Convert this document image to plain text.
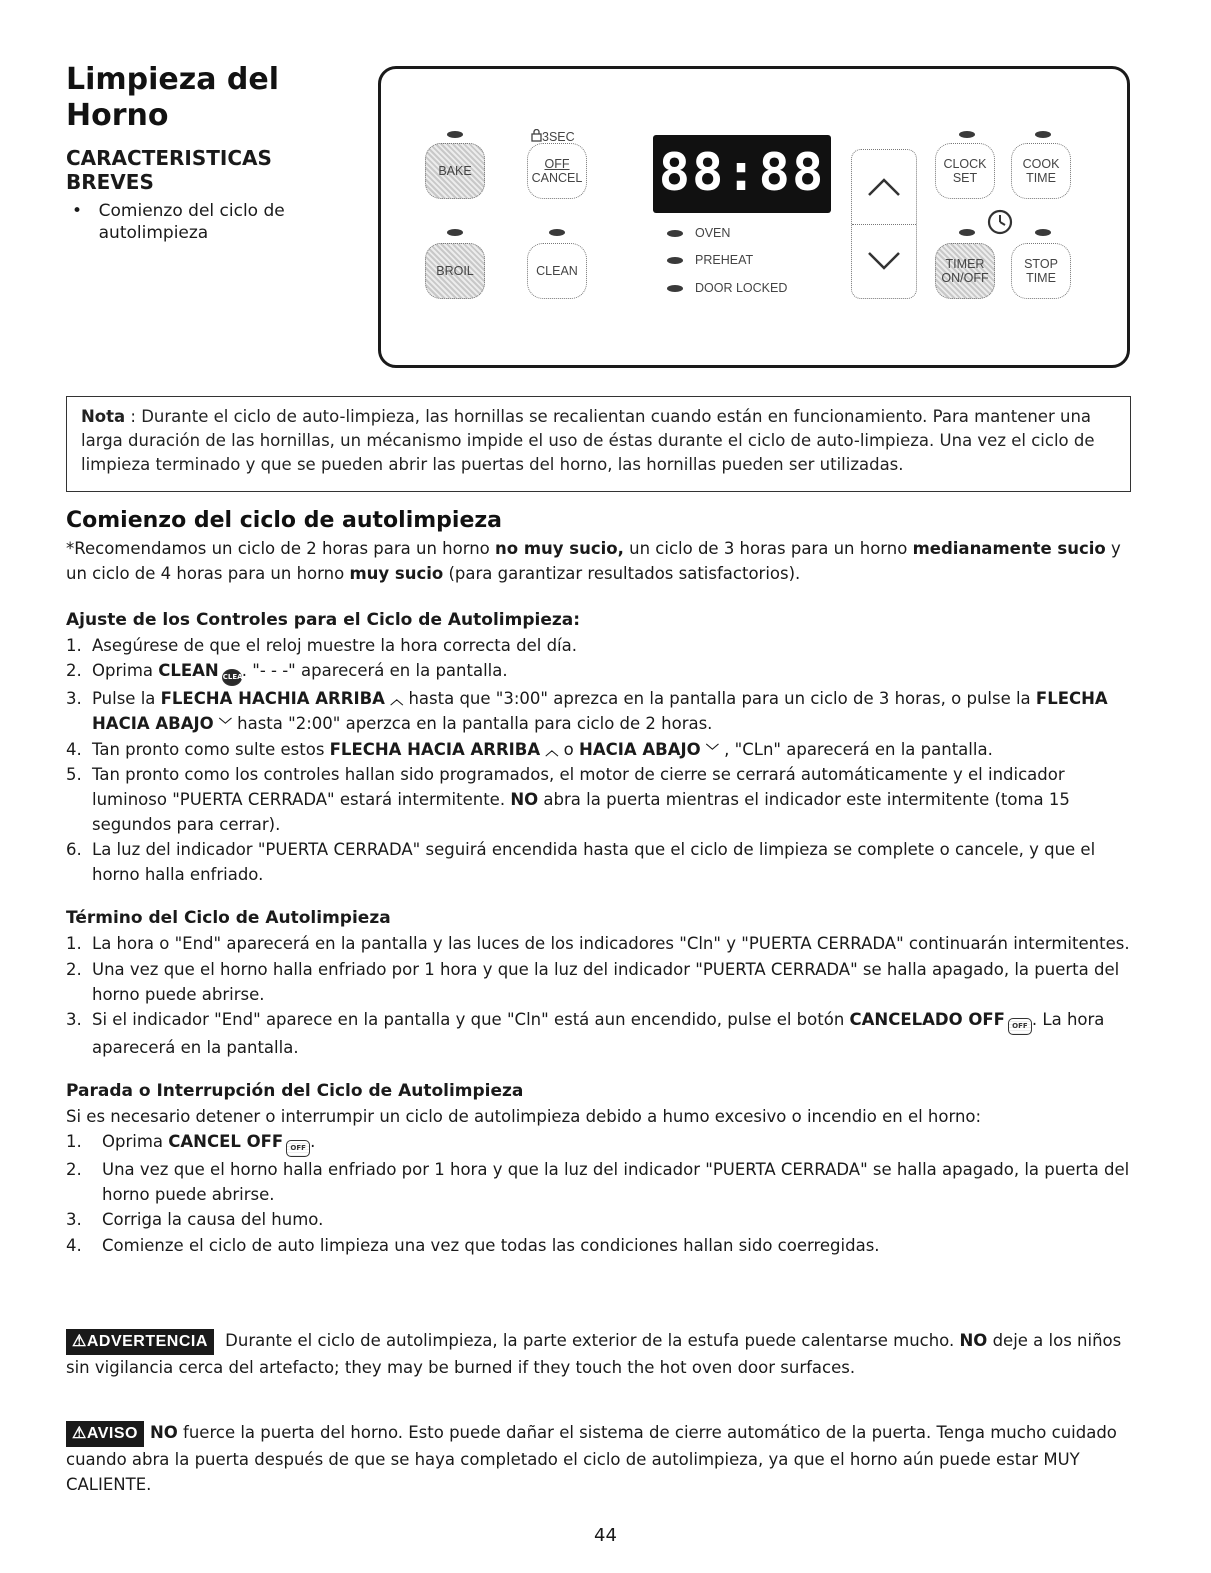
Limpieza del
Horno
CARACTERISTICAS
BREVES
• Comienzo del ciclo de autolimpieza
3SEC
BAKE
OFF
CANCEL
BROIL	CLEAN
88:88
OVEN
PREHEAT
DOOR LOCKED
CLOCK
SET
COOK
TIME
TIMER
ON/OFF
STOP
TIME
Nota : Durante el ciclo de auto-limpieza, las hornillas se recalientan cuando están en funcionamiento. Para mantener una larga duración de las hornillas, un mécanismo impide el uso de éstas durante el ciclo de auto-limpieza. Una vez el ciclo de limpieza terminado y que se pueden abrir las puertas del horno, las hornillas pueden ser utilizadas.
Comienzo del ciclo de autolimpieza

*Recomendamos un ciclo de 2 horas para un horno no muy sucio, un ciclo de 3 horas para un horno medianamente sucio y un ciclo de 4 horas para un horno muy sucio (para garantizar resultados satisfactorios).

Ajuste de los Controles para el Ciclo de Autolimpieza:
1. Asegúrese de que el reloj muestre la hora correcta del día.
2. Oprima CLEAN CLEAN. "- - -" aparecerá en la pantalla.
3. Pulse la FLECHA HACHIA ARRIBA ︿ hasta que "3:00" aprezca en la pantalla para un ciclo de 3 horas, o pulse la FLECHA HACIA ABAJO ﹀ hasta "2:00" aperzca en la pantalla para ciclo de 2 horas.
4. Tan pronto como sulte estos FLECHA HACIA ARRIBA ︿ o HACIA ABAJO ﹀ , "CLn" aparecerá en la pantalla.
5. Tan pronto como los controles hallan sido programados, el motor de cierre se cerrará automáticamente y el indicador luminoso "PUERTA CERRADA" estará intermitente. NO abra la puerta mientras el indicador este intermitente (toma 15 segundos para cerrar).
6. La luz del indicador "PUERTA CERRADA" seguirá encendida hasta que el ciclo de limpieza se complete o cancele, y que el horno halla enfriado.
Término del Ciclo de Autolimpieza
1. La hora o "End" aparecerá en la pantalla y las luces de los indicadores "Cln" y "PUERTA CERRADA" continuarán intermitentes.
2. Una vez que el horno halla enfriado por 1 hora y que la luz del indicador "PUERTA CERRADA" se halla apagado, la puerta del horno puede abrirse.
3. Si el indicador "End" aparece en la pantalla y que "Cln" está aun encendido, pulse el botón CANCELADO OFF OFF . La hora aparecerá en la pantalla.
Parada o Interrupción del Ciclo de Autolimpieza

Si es necesario detener o interrumpir un ciclo de autolimpieza debido a humo excesivo o incendio en el horno:

1.	Oprima CANCEL OFF OFF .
2.	Una vez que el horno halla enfriado por 1 hora y que la luz del indicador "PUERTA CERRADA" se halla apagado, la puerta del horno puede abrirse.
3.	Corriga la causa del humo.
4.	Comienze el ciclo de auto limpieza una vez que todas las condiciones hallan sido coerregidas.
⚠ADVERTENCIA Durante el ciclo de autolimpieza, la parte exterior de la estufa puede calentarse mucho. NO deje a los niños sin vigilancia cerca del artefacto; they may be burned if they touch the hot oven door surfaces.
⚠AVISO NO fuerce la puerta del horno. Esto puede dañar el sistema de cierre automático de la puerta. Tenga mucho cuidado cuando abra la puerta después de que se haya completado el ciclo de autolimpieza, ya que el horno aún puede estar MUY CALIENTE.
44
